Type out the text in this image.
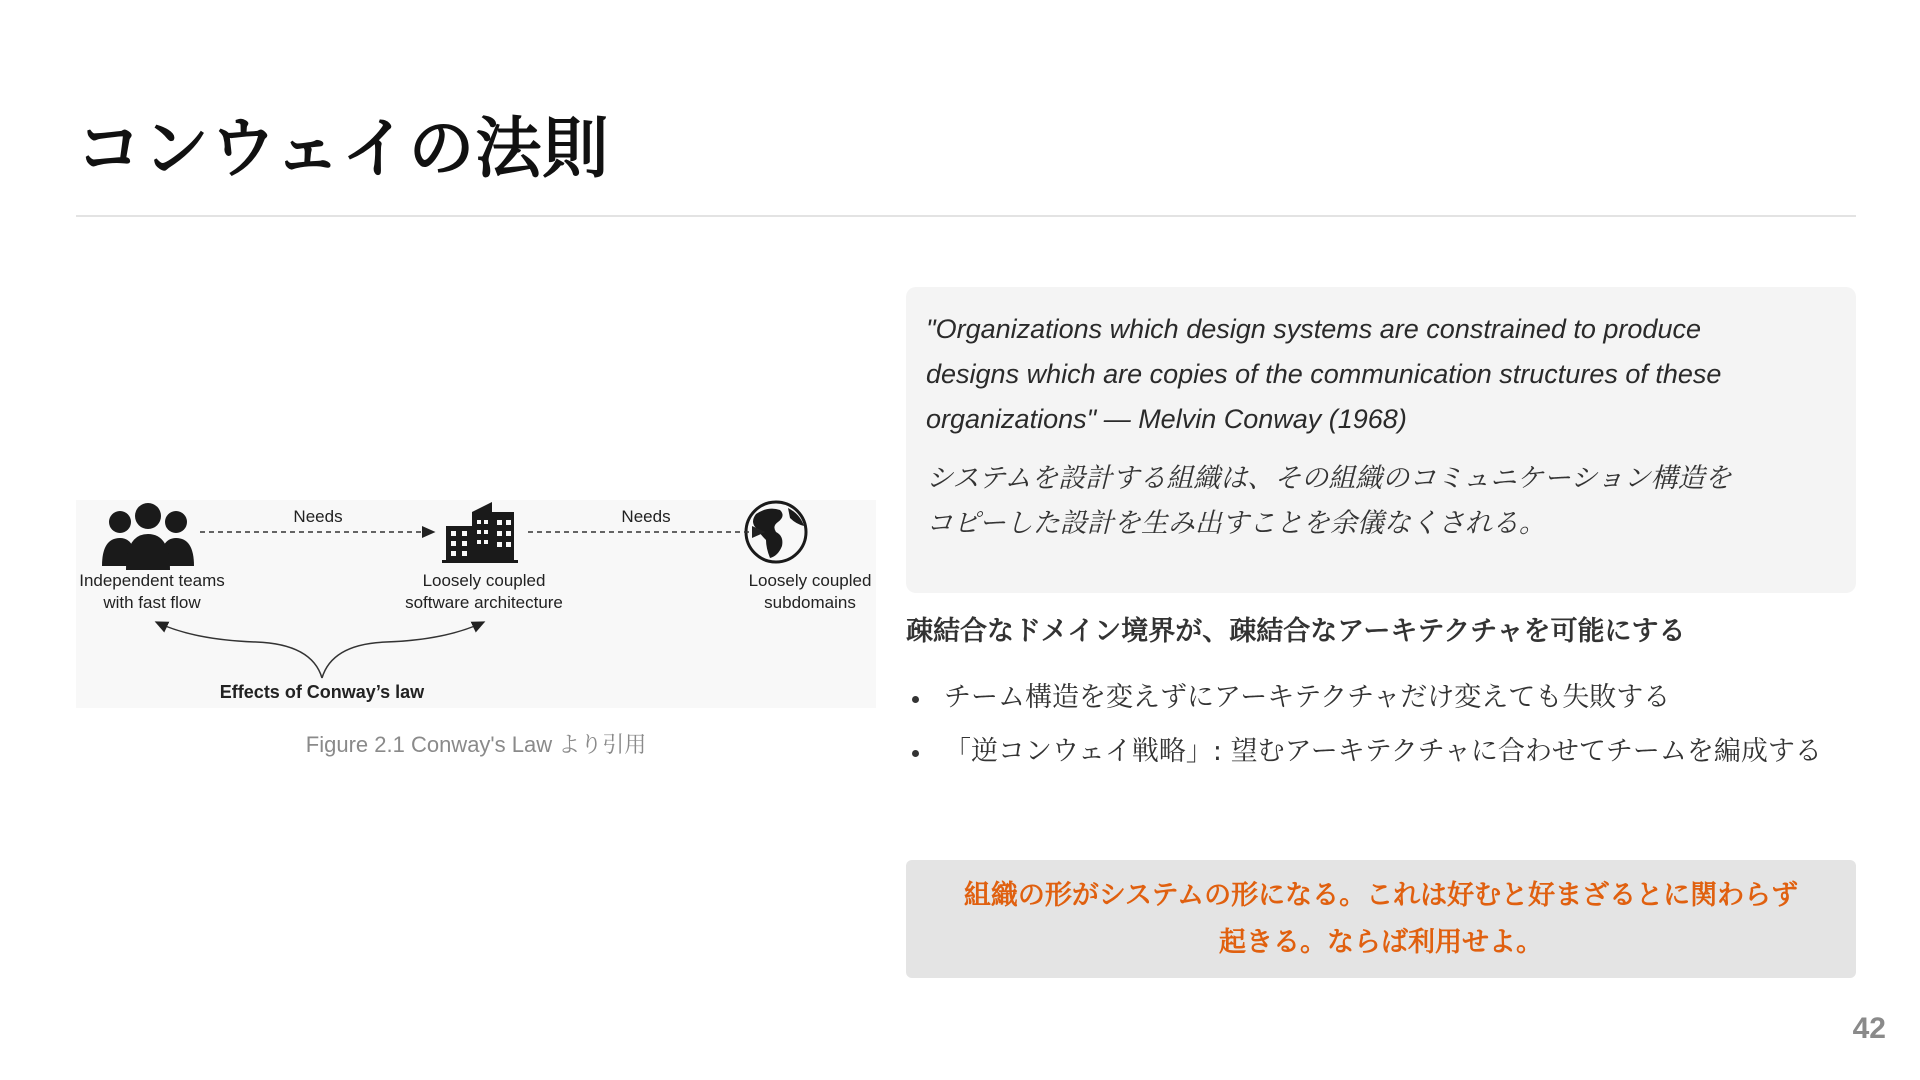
コンウェイの法則
Needs	Needs
Independent teams
with fast flow
Loosely coupled
software architecture
Loosely coupled
subdomains
Effects of Conway’s law
Figure 2.1 Conway's Law より引用

"Organizations which design systems are constrained to produce
designs which are copies of the communication structures of these
organizations" — Melvin Conway (1968)

システムを設計する組織は、その組織のコミュニケーション構造を
コピーした設計を生み出すことを余儀なくされる。

疎結合なドメイン境界が、疎結合なアーキテクチャを可能にする
チーム構造を変えずにアーキテクチャだけ変えても失敗する
「逆コンウェイ戦略」: 望むアーキテクチャに合わせてチームを編成する
組織の形がシステムの形になる。これは好むと好まざるとに関わらず
起きる。ならば利用せよ。
42
